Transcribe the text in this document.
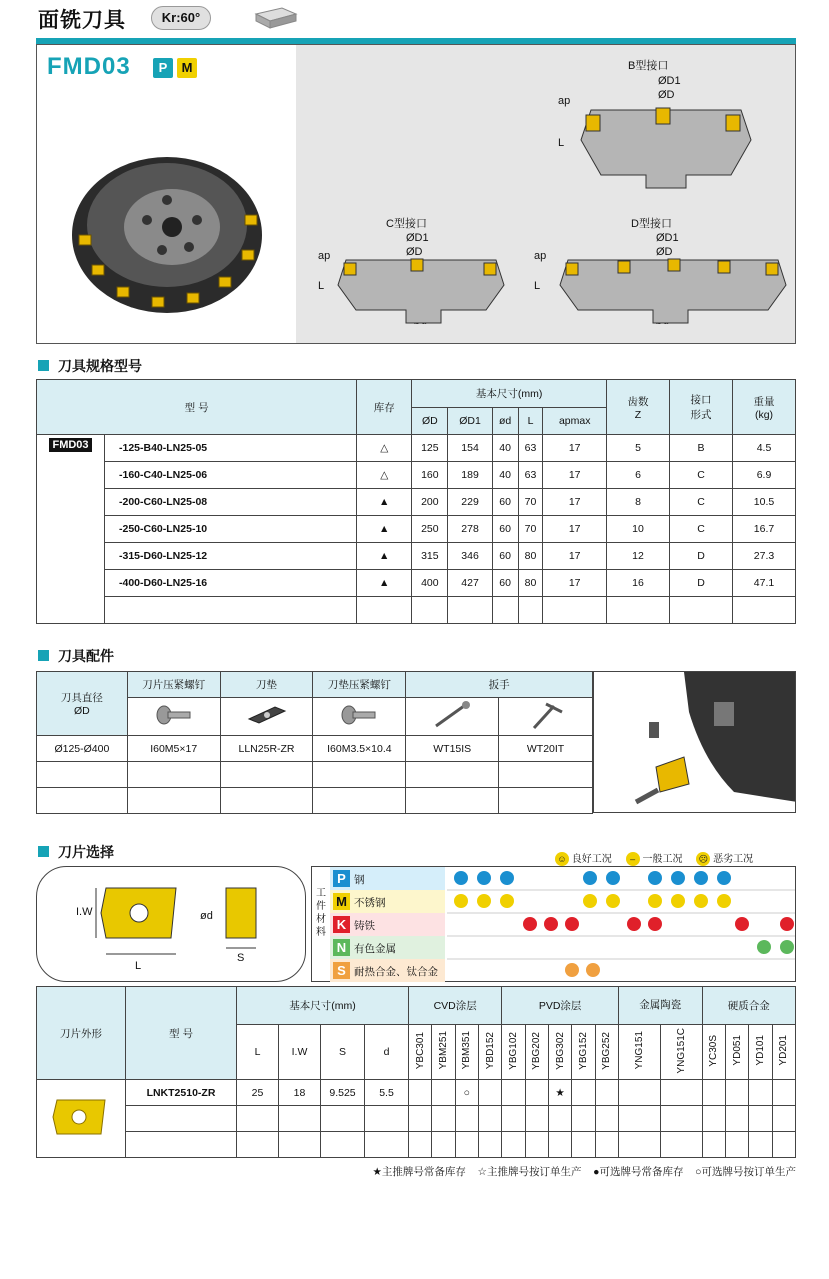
面铣刀具	Kr:60°
FMD03	P	M	B型接口
ØD1
ØD
ap
L
C型接口
ØD1
ØD
ap
L
D型接口
ØD1
ØD
ap
L
刀具规格型号
型 号		库存	基本尺寸(mm)					齿数
Z	接口
形式	重量
(kg)
			ØD	ØD1	ød	L	apmax			
FMD03	-125-B40-LN25-05	△	125	154	40	63	17	5	B	4.5
	-160-C40-LN25-06	△	160	189	40	63	17	6	C	6.9
	-200-C60-LN25-08	▲	200	229	60	70	17	8	C	10.5
	-250-C60-LN25-10	▲	250	278	60	70	17	10	C	16.7
	-315-D60-LN25-12	▲	315	346	60	80	17	12	D	27.3
	-400-D60-LN25-16	▲	400	427	60	80	17	16	D	47.1

刀具配件
刀具直径
ØD	刀片压紧螺钉	刀垫	刀垫压紧螺钉	扳手	

Ø125-Ø400	I60M5×17	LLN25R-ZR	I60M3.5×10.4	WT15IS	WT20IT

刀片选择	☺ 良好工况 – 一般工况 ☹ 恶劣工况
I.W
L
ød
S
工件材料
P 钢
M 不锈钢
K 铸铁
N 有色金属
S 耐热合金、钛合金
刀片外形	型 号	基本尺寸(mm)				CVD涂层				PVD涂层					金属陶瓷		硬质合金			
		L	I.W	S	d	YBC301	YBM251	YBM351	YBD152	YBG102	YBG202	YBG302	YBG152	YBG252	YNG151	YNG151C	YC30S	YD051	YD101	YD201
	LNKT2510-ZR	25	18	9.525	5.5			○				★								

★主推牌号常备库存 ☆主推牌号按订单生产 ●可选牌号常备库存 ○可选牌号按订单生产
